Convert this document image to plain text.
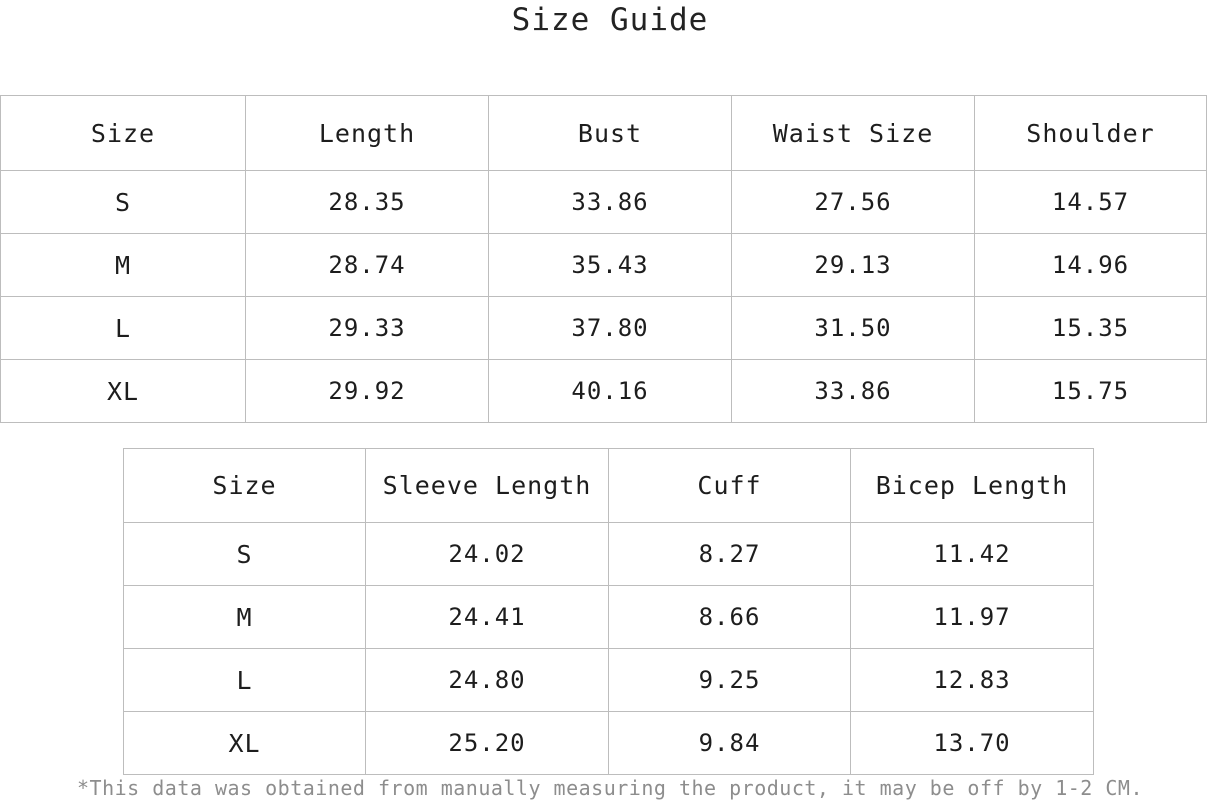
Size Guide
Size	Length	Bust	Waist Size	Shoulder
S	28.35	33.86	27.56	14.57
M	28.74	35.43	29.13	14.96
L	29.33	37.80	31.50	15.35
XL	29.92	40.16	33.86	15.75
Size	Sleeve Length	Cuff	Bicep Length
S	24.02	8.27	11.42
M	24.41	8.66	11.97
L	24.80	9.25	12.83
XL	25.20	9.84	13.70
*This data was obtained from manually measuring the product, it may be off by 1-2 CM.
